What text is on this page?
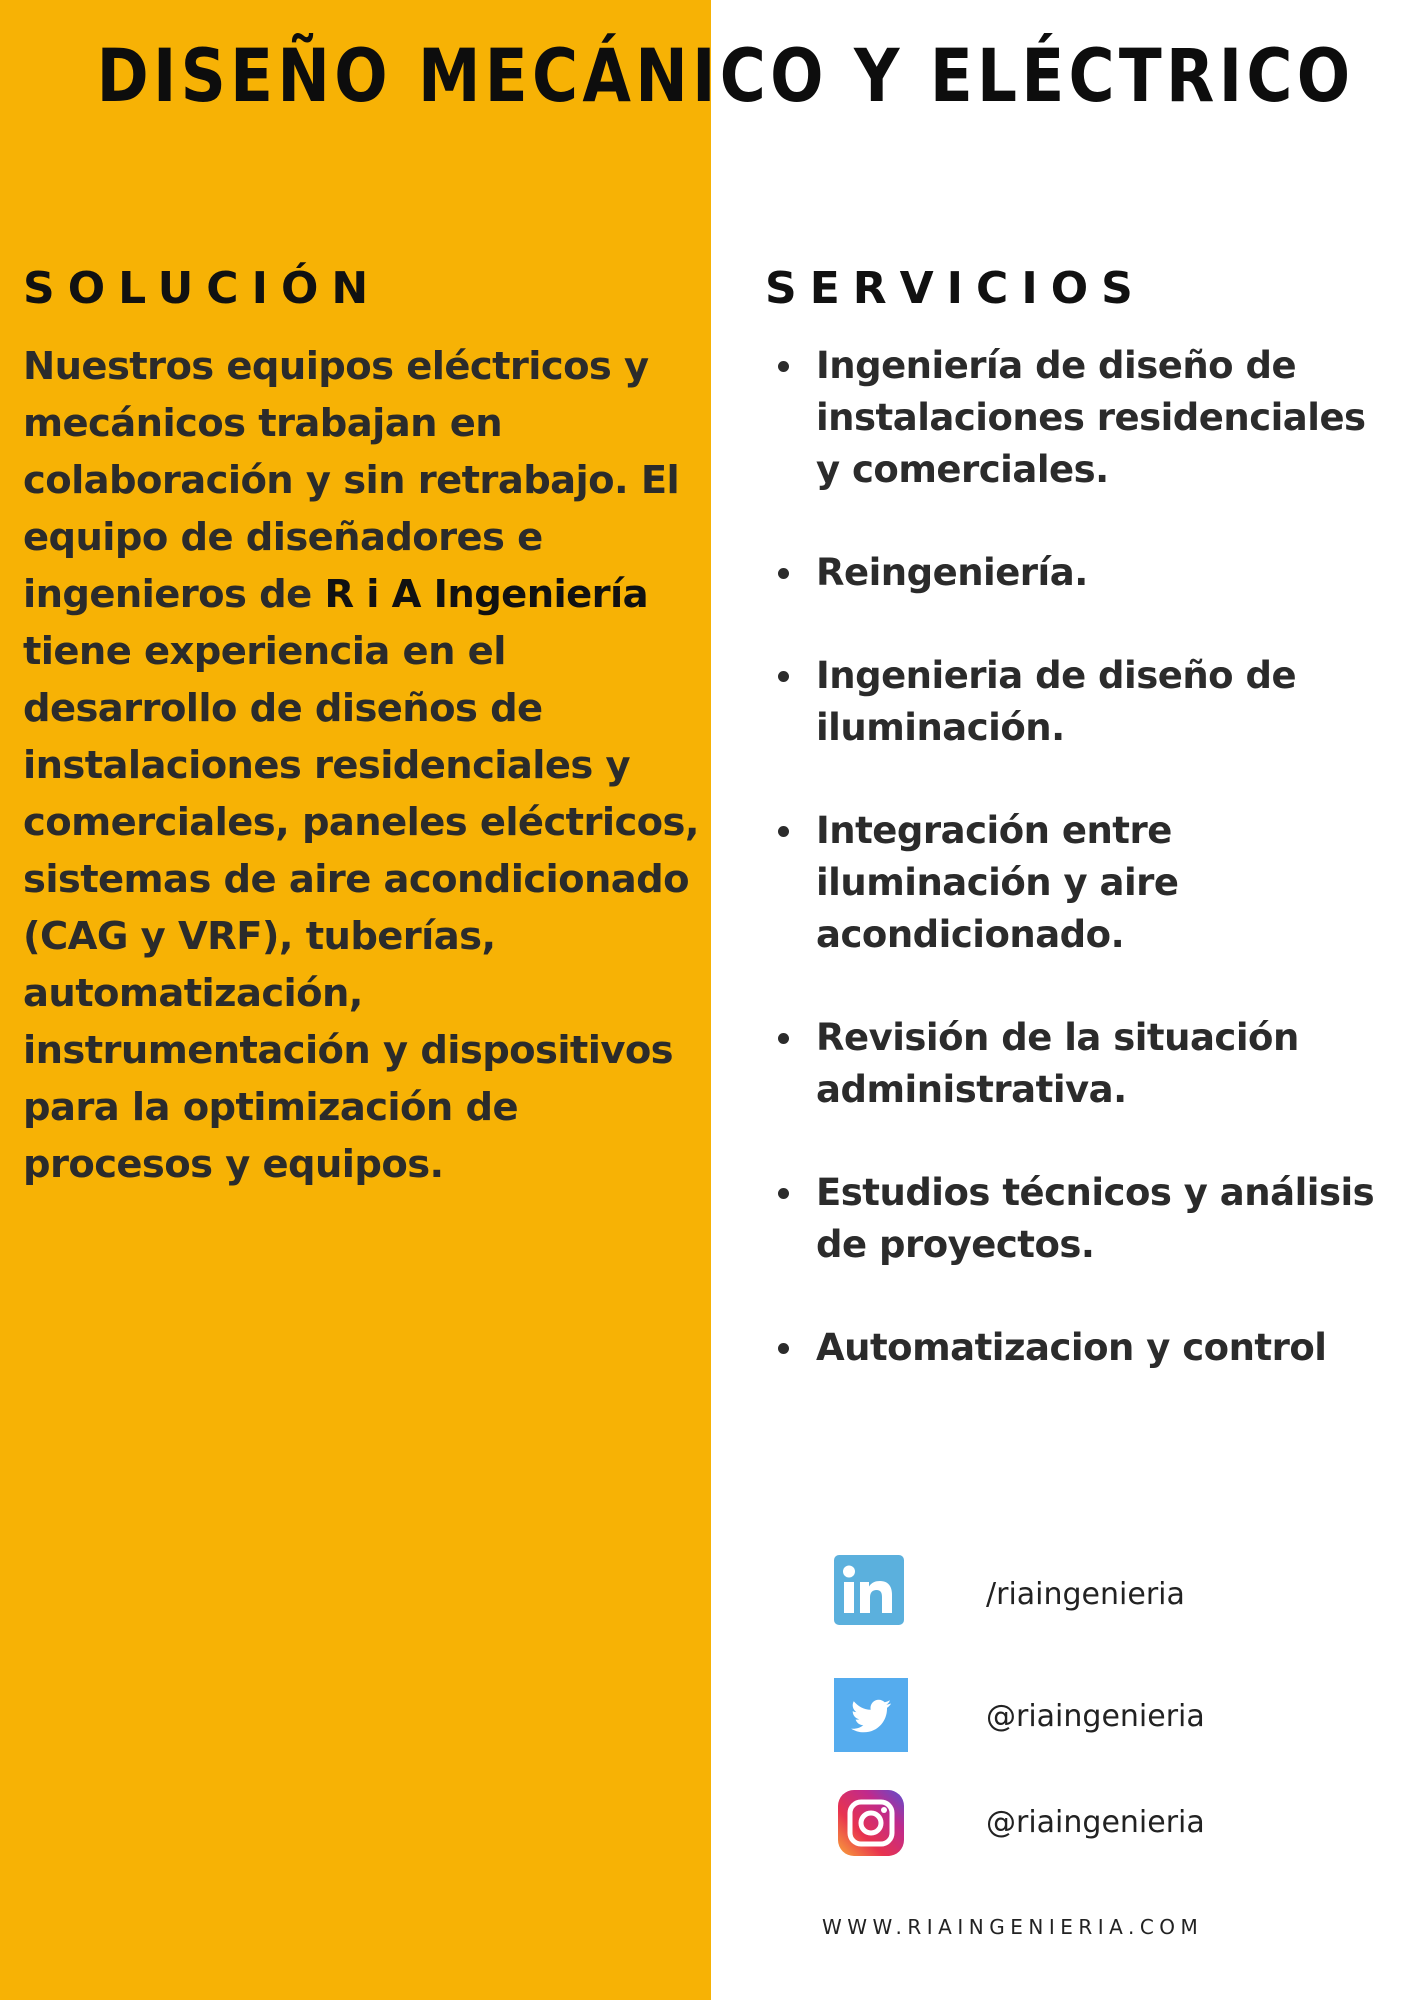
DISEÑO MECÁNICO Y ELÉCTRICO
SOLUCIÓN

Nuestros equipos eléctricos y mecánicos trabajan en colaboración y sin retrabajo. El equipo de diseñadores e ingenieros de R i A Ingeniería tiene experiencia en el desarrollo de diseños de instalaciones residenciales y comerciales, paneles eléctricos, sistemas de aire acondicionado (CAG y VRF), tuberías, automatización, instrumentación y dispositivos para la optimización de procesos y equipos.

SERVICIOS
Ingeniería de diseño de instalaciones residenciales y comerciales.
Reingeniería.
Ingenieria de diseño de iluminación.
Integración entre iluminación y aire acondicionado.
Revisión de la situación administrativa.
Estudios técnicos y análisis de proyectos.
Automatizacion y control
/riaingenieria
@riaingenieria
@riaingenieria
WWW.RIAINGENIERIA.COM
